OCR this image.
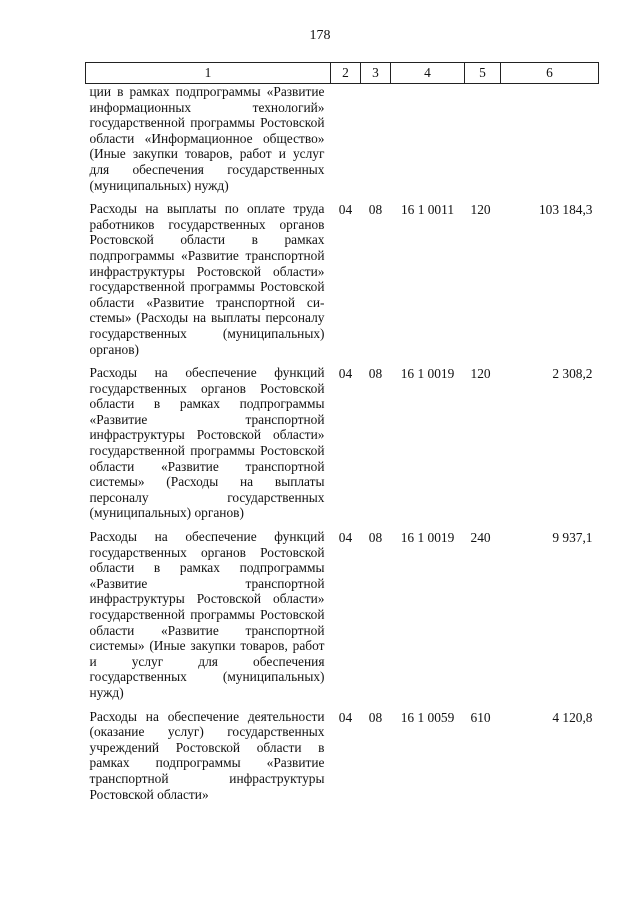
178
1	2	3	4	5	6

ции в рамках подпрограммы «Развитие информационных технологий» государственной программы Ростовской области «Информационное общество» (Иные закупки товаров, работ и услуг для обеспечения государственных (муниципальных) нужд)					

Расходы на выплаты по оплате труда работников государственных органов Ростовской области в рамках подпрограммы «Развитие транспортной инфраструктуры Ростовской области» государственной программы Ростовской области «Развитие транспортной системы» (Расходы на выплаты персоналу государственных (муниципальных) органов)	04	08	16 1 0011	120	103 184,3

Расходы на обеспечение функций государственных органов Ростовской области в рамках подпрограммы «Развитие транспортной инфраструктуры Ростовской области» государственной программы Ростовской области «Развитие транспортной системы» (Расходы на выплаты персоналу государственных (муниципальных) органов)	04	08	16 1 0019	120	2 308,2

Расходы на обеспечение функций государственных органов Ростовской области в рамках подпрограммы «Развитие транспортной инфраструктуры Ростовской области» государственной программы Ростовской области «Развитие транспортной системы» (Иные закупки товаров, работ и услуг для обеспечения государственных (муниципальных) нужд)	04	08	16 1 0019	240	9 937,1

Расходы на обеспечение деятельности (оказание услуг) государственных учреждений Ростовской области в рамках подпрограммы «Развитие транспортной инфраструктуры Ростовской области»	04	08	16 1 0059	610	4 120,8
